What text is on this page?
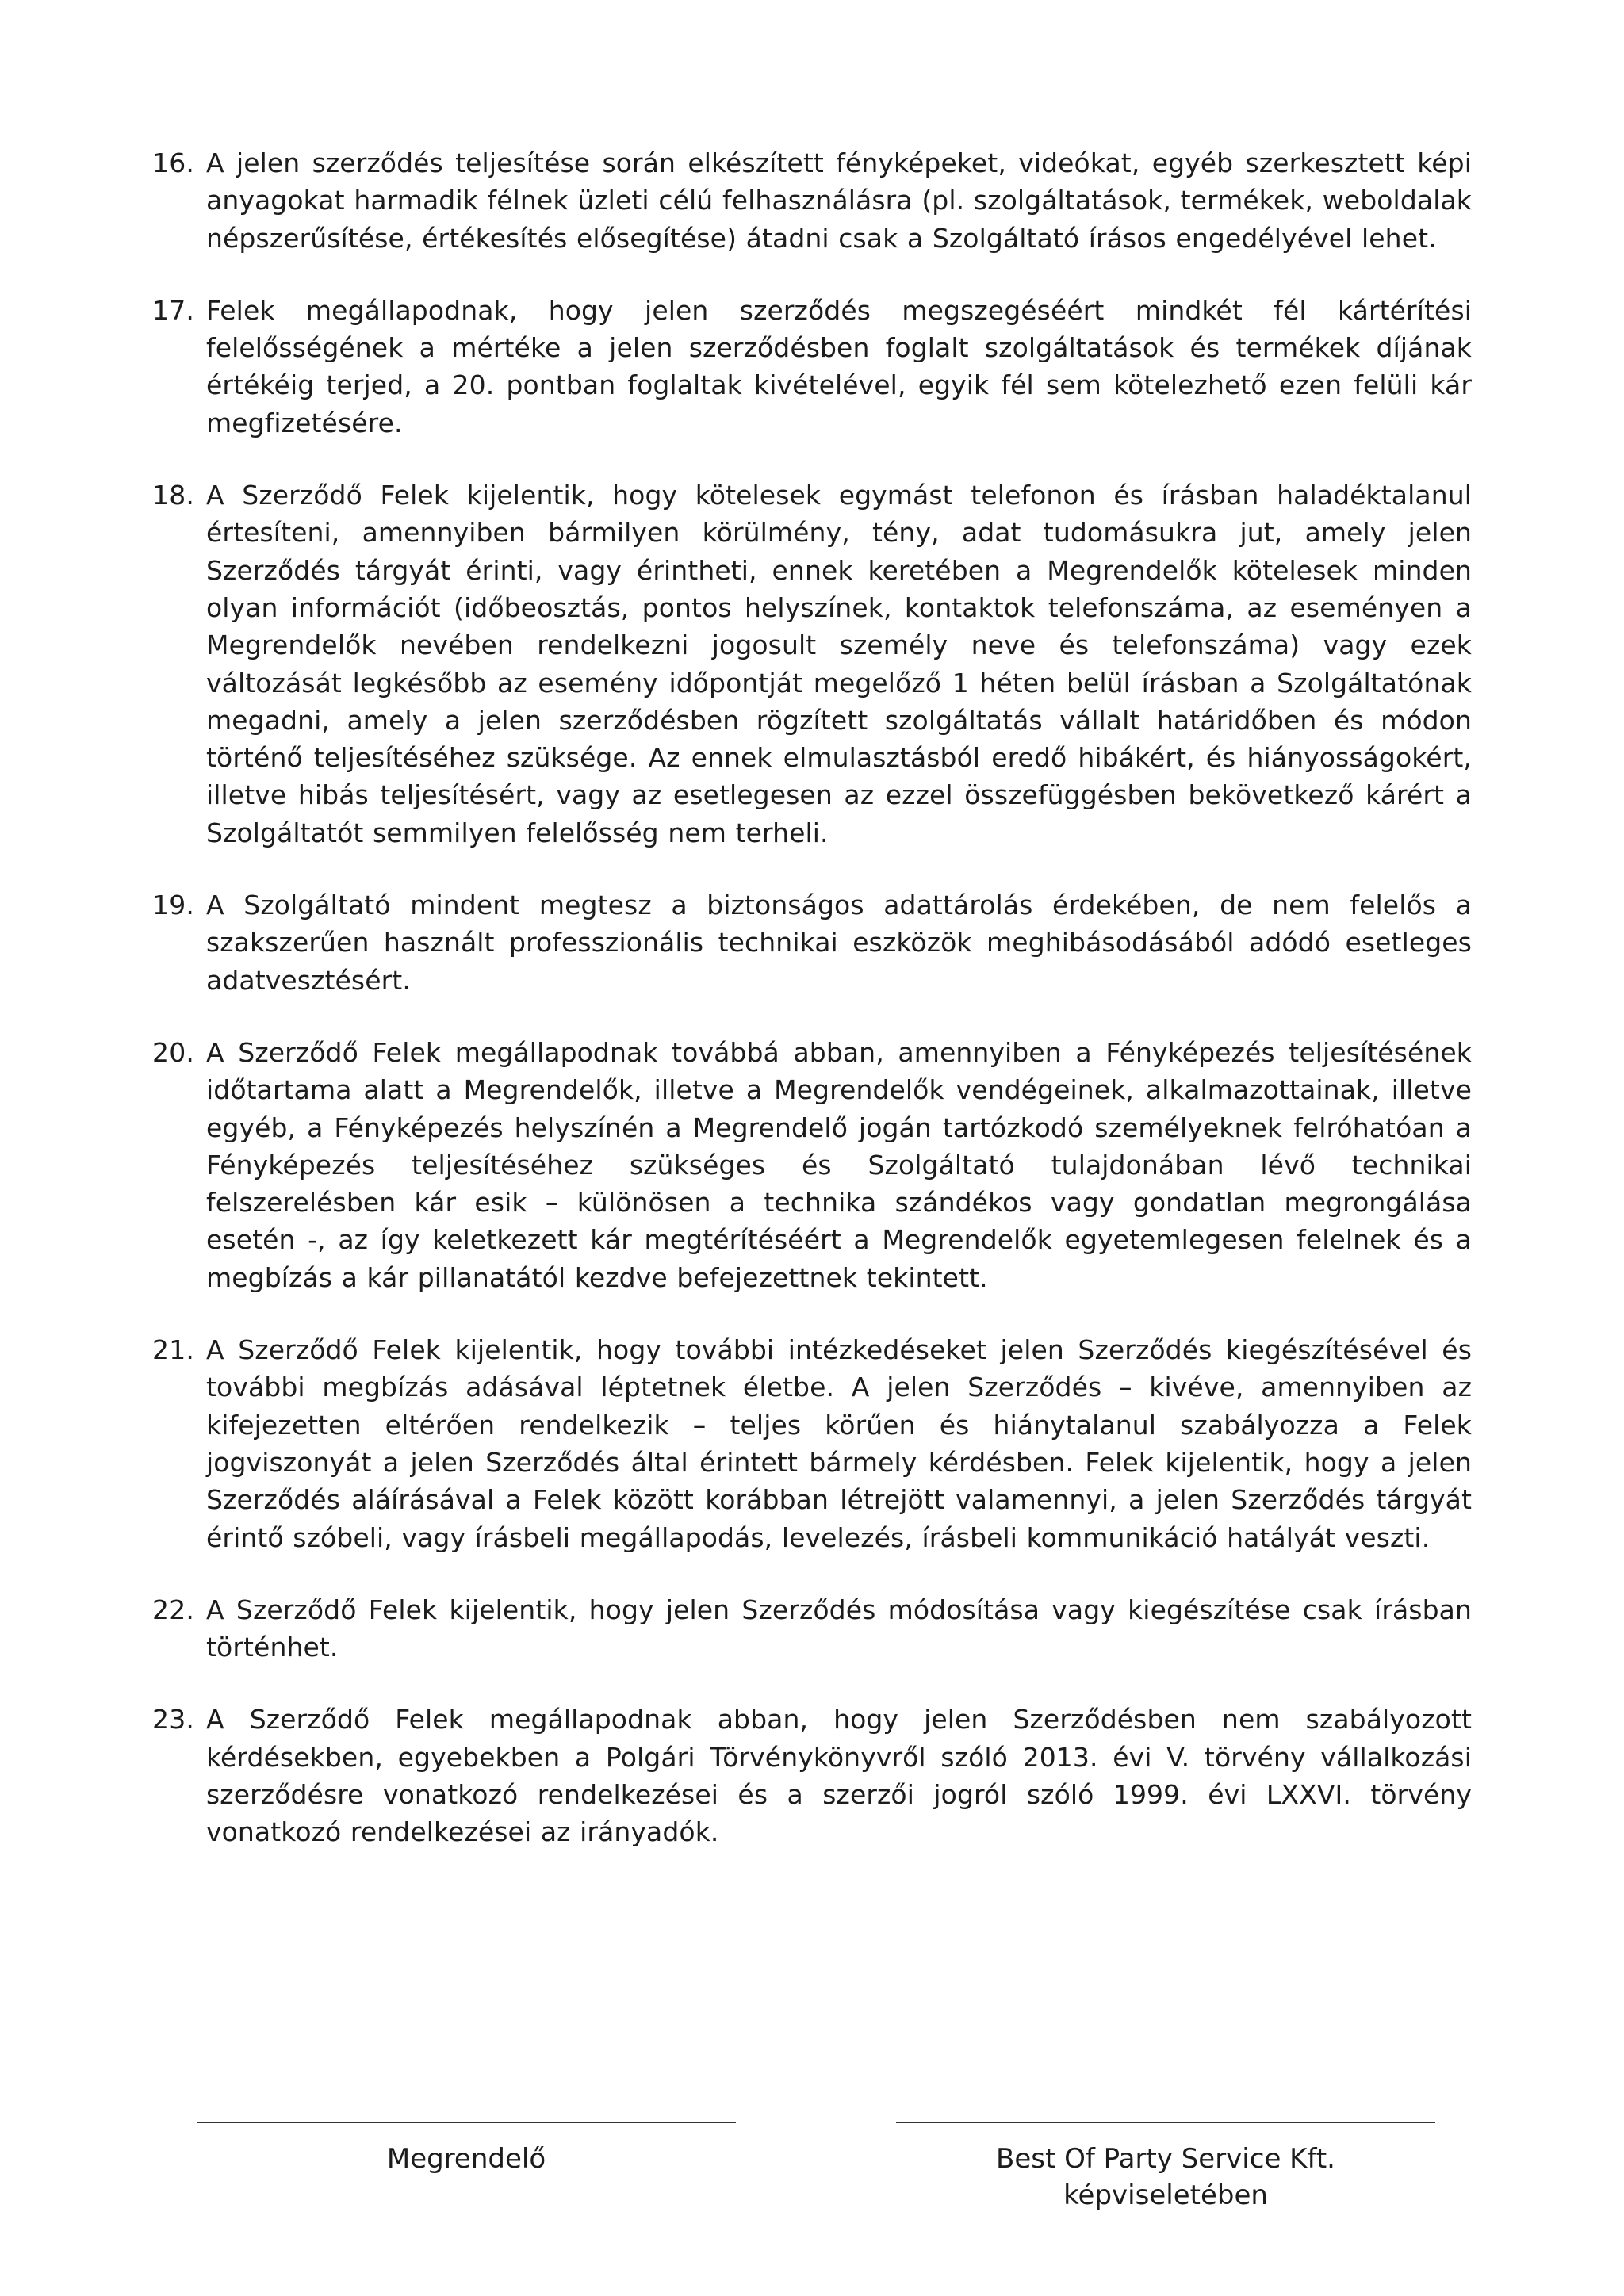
16. A jelen szerződés teljesítése során elkészített fényképeket, videókat, egyéb szerkesztett képi anyagokat harmadik félnek üzleti célú felhasználásra (pl. szolgáltatások, termékek, weboldalak népszerűsítése, értékesítés elősegítése) átadni csak a Szolgáltató írásos engedélyével lehet.
17. Felek megállapodnak, hogy jelen szerződés megszegéséért mindkét fél kártérítési felelősségének a mértéke a jelen szerződésben foglalt szolgáltatások és termékek díjának értékéig terjed, a 20. pontban foglaltak kivételével, egyik fél sem kötelezhető ezen felüli kár megfizetésére.
18. A Szerződő Felek kijelentik, hogy kötelesek egymást telefonon és írásban haladéktalanul értesíteni, amennyiben bármilyen körülmény, tény, adat tudomásukra jut, amely jelen Szerződés tárgyát érinti, vagy érintheti, ennek keretében a Megrendelők kötelesek minden olyan információt (időbeosztás, pontos helyszínek, kontaktok telefonszáma, az eseményen a Megrendelők nevében rendelkezni jogosult személy neve és telefonszáma) vagy ezek változását legkésőbb az esemény időpontját megelőző 1 héten belül írásban a Szolgáltatónak megadni, amely a jelen szerződésben rögzített szolgáltatás vállalt határidőben és módon történő teljesítéséhez szüksége. Az ennek elmulasztásból eredő hibákért, és hiányosságokért, illetve hibás teljesítésért, vagy az esetlegesen az ezzel összefüggésben bekövetkező kárért a Szolgáltatót semmilyen felelősség nem terheli.
19. A Szolgáltató mindent megtesz a biztonságos adattárolás érdekében, de nem felelős a szakszerűen használt professzionális technikai eszközök meghibásodásából adódó esetleges adatvesztésért.
20. A Szerződő Felek megállapodnak továbbá abban, amennyiben a Fényképezés teljesítésének időtartama alatt a Megrendelők, illetve a Megrendelők vendégeinek, alkalmazottainak, illetve egyéb, a Fényképezés helyszínén a Megrendelő jogán tartózkodó személyeknek felróhatóan a Fényképezés teljesítéséhez szükséges és Szolgáltató tulajdonában lévő technikai felszerelésben kár esik – különösen a technika szándékos vagy gondatlan megrongálása esetén -, az így keletkezett kár megtérítéséért a Megrendelők egyetemlegesen felelnek és a megbízás a kár pillanatától kezdve befejezettnek tekintett.
21. A Szerződő Felek kijelentik, hogy további intézkedéseket jelen Szerződés kiegészítésével és további megbízás adásával léptetnek életbe. A jelen Szerződés – kivéve, amennyiben az kifejezetten eltérően rendelkezik – teljes körűen és hiánytalanul szabályozza a Felek jogviszonyát a jelen Szerződés által érintett bármely kérdésben. Felek kijelentik, hogy a jelen Szerződés aláírásával a Felek között korábban létrejött valamennyi, a jelen Szerződés tárgyát érintő szóbeli, vagy írásbeli megállapodás, levelezés, írásbeli kommunikáció hatályát veszti.
22. A Szerződő Felek kijelentik, hogy jelen Szerződés módosítása vagy kiegészítése csak írásban történhet.
23. A Szerződő Felek megállapodnak abban, hogy jelen Szerződésben nem szabályozott kérdésekben, egyebekben a Polgári Törvénykönyvről szóló 2013. évi V. törvény vállalkozási szerződésre vonatkozó rendelkezései és a szerzői jogról szóló 1999. évi LXXVI. törvény vonatkozó rendelkezései az irányadók.
Megrendelő	Best Of Party Service Kft.
képviseletében
